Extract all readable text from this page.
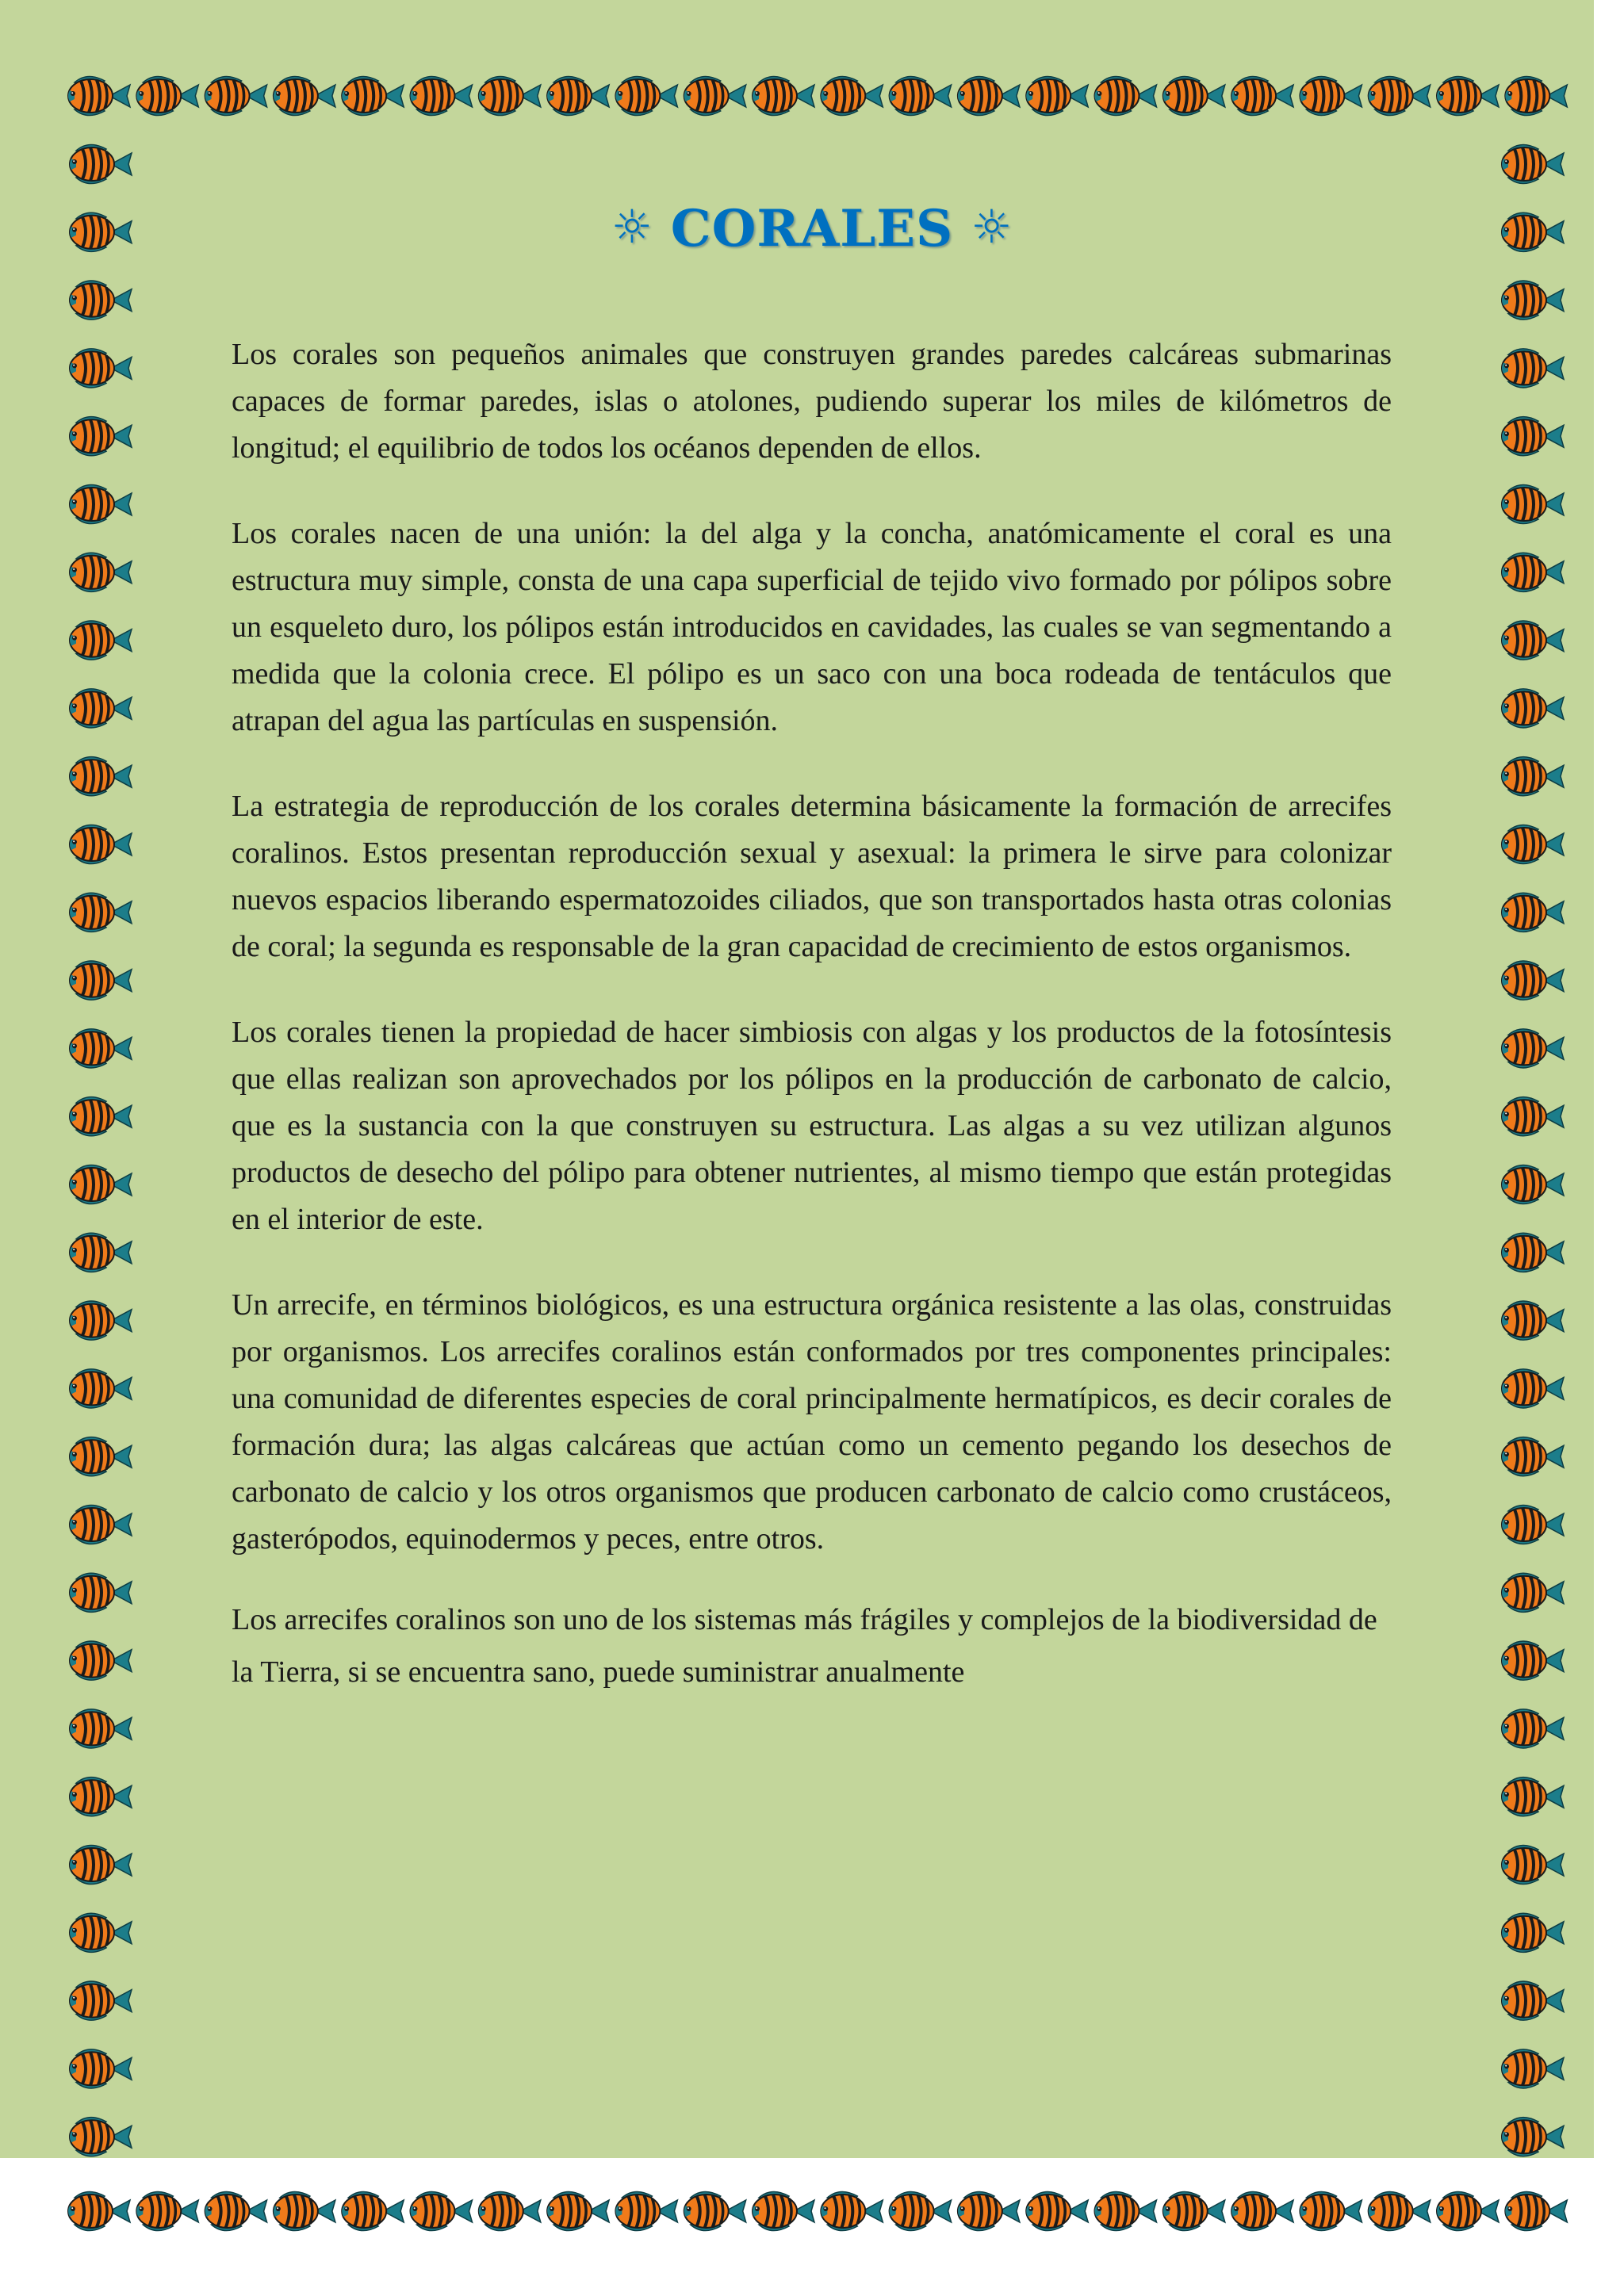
☼ CORALES ☼

Los corales son pequeños animales que construyen grandes paredes calcáreas submarinas capaces de formar paredes, islas o atolones, pudiendo superar los miles de kilómetros de longitud; el equilibrio de todos los océanos dependen de ellos.

Los corales nacen de una unión: la del alga y la concha, anatómicamente el coral es una estructura muy simple, consta de una capa superficial de tejido vivo formado por pólipos sobre un esqueleto duro, los pólipos están introducidos en cavidades, las cuales se van segmentando a medida que la colonia crece. El pólipo es un saco con una boca rodeada de tentáculos que atrapan del agua las partículas en suspensión.

La estrategia de reproducción de los corales determina básicamente la formación de arrecifes coralinos. Estos presentan reproducción sexual y asexual: la primera le sirve para colonizar nuevos espacios liberando espermatozoides ciliados, que son transportados hasta otras colonias de coral; la segunda es responsable de la gran capacidad de crecimiento de estos organismos.

Los corales tienen la propiedad de hacer simbiosis con algas y los productos de la fotosíntesis que ellas realizan son aprovechados por los pólipos en la producción de carbonato de calcio, que es la sustancia con la que construyen su estructura. Las algas a su vez utilizan algunos productos de desecho del pólipo para obtener nutrientes, al mismo tiempo que están protegidas en el interior de este.

Un arrecife, en términos biológicos, es una estructura orgánica resistente a las olas, construidas por organismos. Los arrecifes coralinos están conformados por tres componentes principales: una comunidad de diferentes especies de coral principalmente hermatípicos, es decir corales de formación dura; las algas calcáreas que actúan como un cemento pegando los desechos de carbonato de calcio y los otros organismos que producen carbonato de calcio como crustáceos, gasterópodos, equinodermos y peces, entre otros.

Los arrecifes coralinos son uno de los sistemas más frágiles y complejos de la biodiversidad de la Tierra, si se encuentra sano, puede suministrar anualmente
